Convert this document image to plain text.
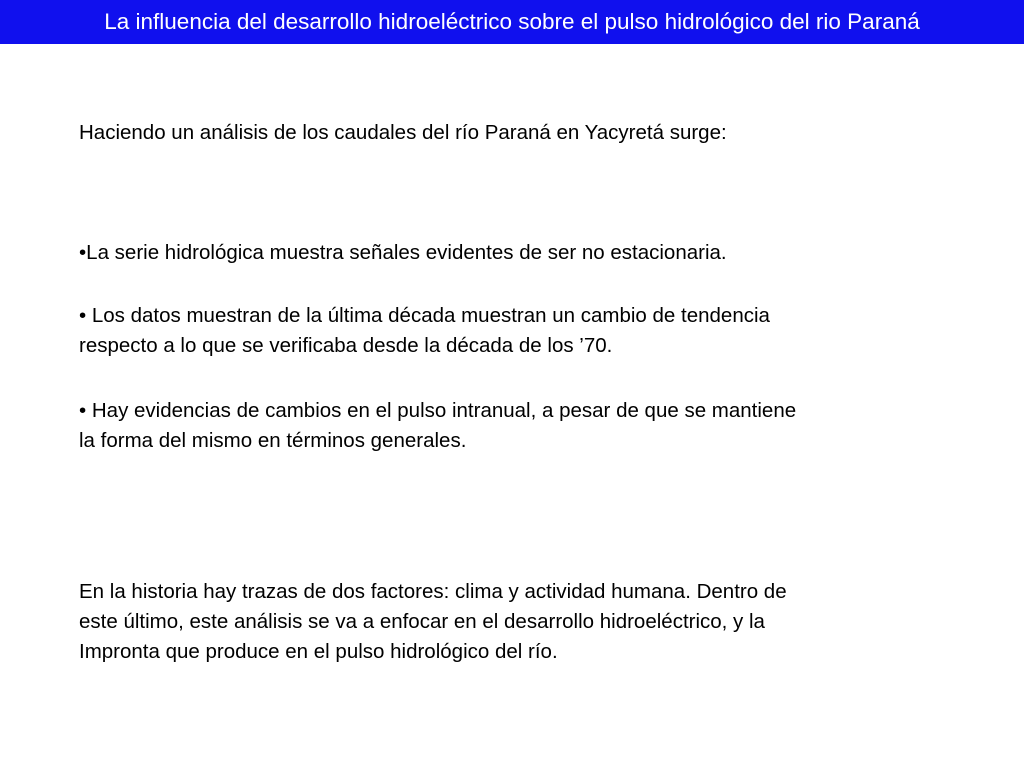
La influencia del desarrollo hidroeléctrico sobre el pulso hidrológico del rio Paraná

Haciendo un análisis de los caudales del río Paraná en Yacyretá surge:

•La serie hidrológica muestra señales evidentes de ser no estacionaria.

• Los datos muestran de la última década muestran un cambio de tendencia
respecto a lo que se verificaba desde la década de los ’70.

• Hay evidencias de cambios en el pulso intranual, a pesar de que se mantiene
la forma del mismo en términos generales.

En la historia hay trazas de dos factores: clima y actividad humana. Dentro de
este último, este análisis se va a enfocar en el desarrollo hidroeléctrico, y la
Impronta que produce en el pulso hidrológico del río.
